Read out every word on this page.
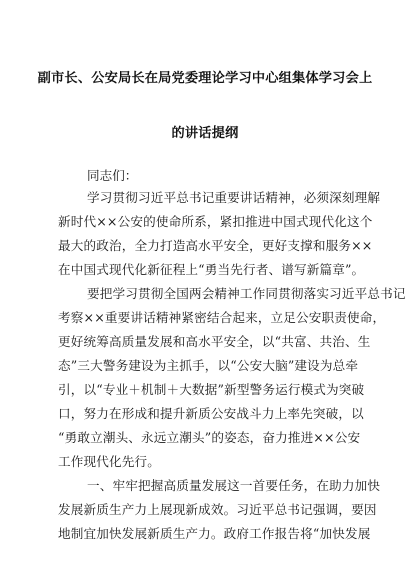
副市长、公安局长在局党委理论学习中心组集体学习会上
的讲话提纲
同志们：
学习贯彻习近平总书记重要讲话精神，必须深刻理解
新时代××公安的使命所系，紧扣推进中国式现代化这个
最大的政治，全力打造高水平安全，更好支撑和服务××
在中国式现代化新征程上“勇当先行者、谱写新篇章”。
要把学习贯彻全国两会精神工作同贯彻落实习近平总书记
考察××重要讲话精神紧密结合起来，立足公安职责使命，
更好统筹高质量发展和高水平安全，以“共富、共治、生
态”三大警务建设为主抓手，以“公安大脑”建设为总牵
引，以“专业＋机制＋大数据”新型警务运行模式为突破
口，努力在形成和提升新质公安战斗力上率先突破，以
“勇敢立潮头、永远立潮头”的姿态，奋力推进××公安
工作现代化先行。
一、牢牢把握高质量发展这一首要任务，在助力加快
发展新质生产力上展现新成效。习近平总书记强调，要因
地制宜加快发展新质生产力。政府工作报告将“加快发展
